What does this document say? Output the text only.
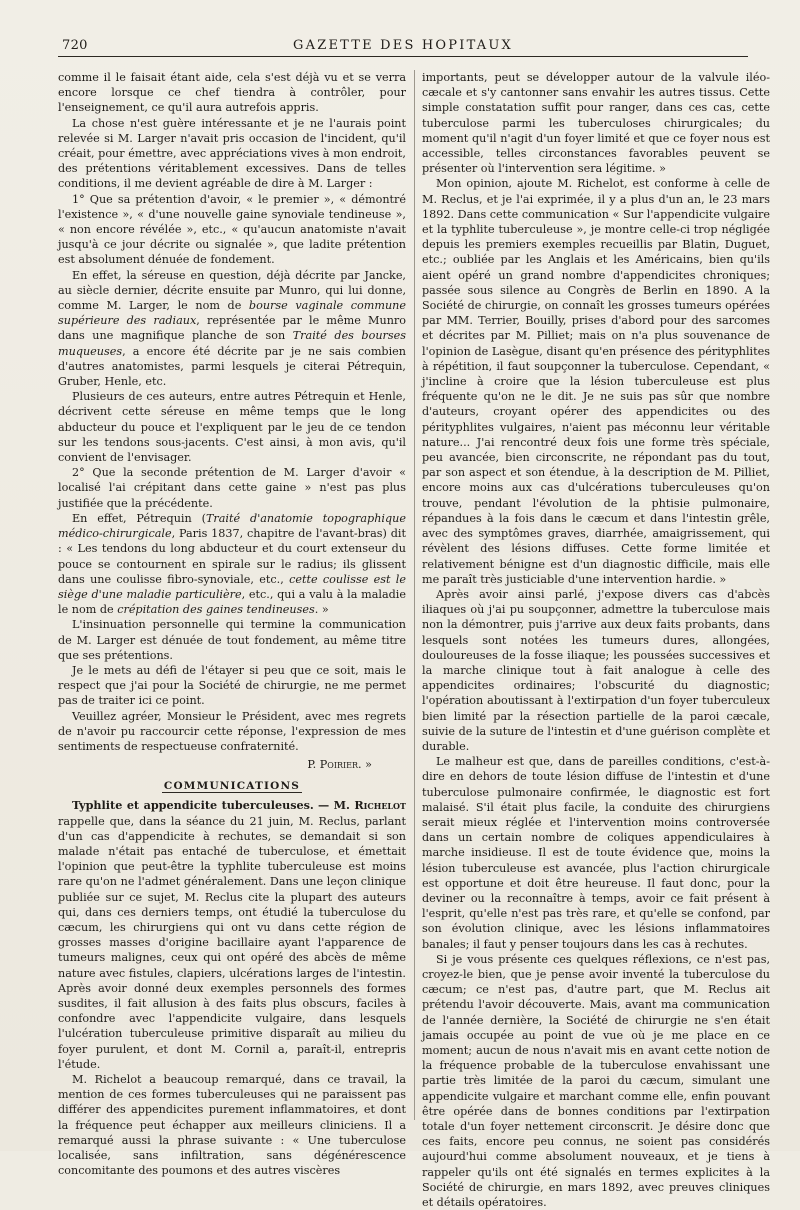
720	GAZETTE DES HOPITAUX

comme il le faisait étant aide, cela s'est déjà vu et se verra encore lorsque ce chef tiendra à contrôler, pour l'enseignement, ce qu'il aura autrefois appris.

La chose n'est guère intéressante et je ne l'aurais point relevée si M. Larger n'avait pris occasion de l'incident, qu'il créait, pour émettre, avec appréciations vives à mon endroit, des prétentions véritablement excessives. Dans de telles conditions, il me devient agréable de dire à M. Larger :

1° Que sa prétention d'avoir, « le premier », « démontré l'existence », « d'une nouvelle gaine synoviale tendineuse », « non encore révélée », etc., « qu'aucun anatomiste n'avait jusqu'à ce jour décrite ou signalée », que ladite prétention est absolument dénuée de fondement.

En effet, la séreuse en question, déjà décrite par Jancke, au siècle dernier, décrite ensuite par Munro, qui lui donne, comme M. Larger, le nom de bourse vaginale commune supérieure des radiaux, représentée par le même Munro dans une magnifique planche de son Traité des bourses muqueuses, a encore été décrite par je ne sais combien d'autres anatomistes, parmi lesquels je citerai Pétrequin, Gruber, Henle, etc.

Plusieurs de ces auteurs, entre autres Pétrequin et Henle, décrivent cette séreuse en même temps que le long abducteur du pouce et l'expliquent par le jeu de ce tendon sur les tendons sous-jacents. C'est ainsi, à mon avis, qu'il convient de l'envisager.

2° Que la seconde prétention de M. Larger d'avoir « localisé l'ai crépitant dans cette gaine » n'est pas plus justifiée que la précédente.

En effet, Pétrequin (Traité d'anatomie topographique médico-chirurgicale, Paris 1837, chapitre de l'avant-bras) dit : « Les tendons du long abducteur et du court extenseur du pouce se contournent en spirale sur le radius; ils glissent dans une coulisse fibro-synoviale, etc., cette coulisse est le siège d'une maladie particulière, etc., qui a valu à la maladie le nom de crépitation des gaines tendineuses. »

L'insinuation personnelle qui termine la communication de M. Larger est dénuée de tout fondement, au même titre que ses prétentions.

Je le mets au défi de l'étayer si peu que ce soit, mais le respect que j'ai pour la Société de chirurgie, ne me permet pas de traiter ici ce point.

Veuillez agréer, Monsieur le Président, avec mes regrets de n'avoir pu raccourcir cette réponse, l'expression de mes sentiments de respectueuse confraternité.

P. Poirier. »

COMMUNICATIONS

Typhlite et appendicite tuberculeuses. — M. Richelot rappelle que, dans la séance du 21 juin, M. Reclus, parlant d'un cas d'appendicite à rechutes, se demandait si son malade n'était pas entaché de tuberculose, et émettait l'opinion que peut-être la typhlite tuberculeuse est moins rare qu'on ne l'admet généralement. Dans une leçon clinique publiée sur ce sujet, M. Reclus cite la plupart des auteurs qui, dans ces derniers temps, ont étudié la tuberculose du cæcum, les chirurgiens qui ont vu dans cette région de grosses masses d'origine bacillaire ayant l'apparence de tumeurs malignes, ceux qui ont opéré des abcès de même nature avec fistules, clapiers, ulcérations larges de l'intestin. Après avoir donné deux exemples personnels des formes susdites, il fait allusion à des faits plus obscurs, faciles à confondre avec l'appendicite vulgaire, dans lesquels l'ulcération tuberculeuse primitive disparaît au milieu du foyer purulent, et dont M. Cornil a, paraît-il, entrepris l'étude.

M. Richelot a beaucoup remarqué, dans ce travail, la mention de ces formes tuberculeuses qui ne paraissent pas différer des appendicites purement inflammatoires, et dont la fréquence peut échapper aux meilleurs cliniciens. Il a remarqué aussi la phrase suivante : « Une tuberculose localisée, sans infiltration, sans dégénérescence concomitante des poumons et des autres viscères

importants, peut se développer autour de la valvule iléo-cæcale et s'y cantonner sans envahir les autres tissus. Cette simple constatation suffit pour ranger, dans ces cas, cette tuberculose parmi les tuberculoses chirurgicales; du moment qu'il n'agit d'un foyer limité et que ce foyer nous est accessible, telles circonstances favorables peuvent se présenter où l'intervention sera légitime. »

Mon opinion, ajoute M. Richelot, est conforme à celle de M. Reclus, et je l'ai exprimée, il y a plus d'un an, le 23 mars 1892. Dans cette communication « Sur l'appendicite vulgaire et la typhlite tuberculeuse », je montre celle-ci trop négligée depuis les premiers exemples recueillis par Blatin, Duguet, etc.; oubliée par les Anglais et les Américains, bien qu'ils aient opéré un grand nombre d'appendicites chroniques; passée sous silence au Congrès de Berlin en 1890. A la Société de chirurgie, on connaît les grosses tumeurs opérées par MM. Terrier, Bouilly, prises d'abord pour des sarcomes et décrites par M. Pilliet; mais on n'a plus souvenance de l'opinion de Lasègue, disant qu'en présence des pérityphlites à répétition, il faut soupçonner la tuberculose. Cependant, « j'incline à croire que la lésion tuberculeuse est plus fréquente qu'on ne le dit. Je ne suis pas sûr que nombre d'auteurs, croyant opérer des appendicites ou des pérityphlites vulgaires, n'aient pas méconnu leur véritable nature... J'ai rencontré deux fois une forme très spéciale, peu avancée, bien circonscrite, ne répondant pas du tout, par son aspect et son étendue, à la description de M. Pilliet, encore moins aux cas d'ulcérations tuberculeuses qu'on trouve, pendant l'évolution de la phtisie pulmonaire, répandues à la fois dans le cæcum et dans l'intestin grêle, avec des symptômes graves, diarrhée, amaigrissement, qui révèlent des lésions diffuses. Cette forme limitée et relativement bénigne est d'un diagnostic difficile, mais elle me paraît très justiciable d'une intervention hardie. »

Après avoir ainsi parlé, j'expose divers cas d'abcès iliaques où j'ai pu soupçonner, admettre la tuberculose mais non la démontrer, puis j'arrive aux deux faits probants, dans lesquels sont notées les tumeurs dures, allongées, douloureuses de la fosse iliaque; les poussées successives et la marche clinique tout à fait analogue à celle des appendicites ordinaires; l'obscurité du diagnostic; l'opération aboutissant à l'extirpation d'un foyer tuberculeux bien limité par la résection partielle de la paroi cæcale, suivie de la suture de l'intestin et d'une guérison complète et durable.

Le malheur est que, dans de pareilles conditions, c'est-à-dire en dehors de toute lésion diffuse de l'intestin et d'une tuberculose pulmonaire confirmée, le diagnostic est fort malaisé. S'il était plus facile, la conduite des chirurgiens serait mieux réglée et l'intervention moins controversée dans un certain nombre de coliques appendiculaires à marche insidieuse. Il est de toute évidence que, moins la lésion tuberculeuse est avancée, plus l'action chirurgicale est opportune et doit être heureuse. Il faut donc, pour la deviner ou la reconnaître à temps, avoir ce fait présent à l'esprit, qu'elle n'est pas très rare, et qu'elle se confond, par son évolution clinique, avec les lésions inflammatoires banales; il faut y penser toujours dans les cas à rechutes.

Si je vous présente ces quelques réflexions, ce n'est pas, croyez-le bien, que je pense avoir inventé la tuberculose du cæcum; ce n'est pas, d'autre part, que M. Reclus ait prétendu l'avoir découverte. Mais, avant ma communication de l'année dernière, la Société de chirurgie ne s'en était jamais occupée au point de vue où je me place en ce moment; aucun de nous n'avait mis en avant cette notion de la fréquence probable de la tuberculose envahissant une partie très limitée de la paroi du cæcum, simulant une appendicite vulgaire et marchant comme elle, enfin pouvant être opérée dans de bonnes conditions par l'extirpation totale d'un foyer nettement circonscrit. Je désire donc que ces faits, encore peu connus, ne soient pas considérés aujourd'hui comme absolument nouveaux, et je tiens à rappeler qu'ils ont été signalés en termes explicites à la Société de chirurgie, en mars 1892, avec preuves cliniques et détails opératoires.
